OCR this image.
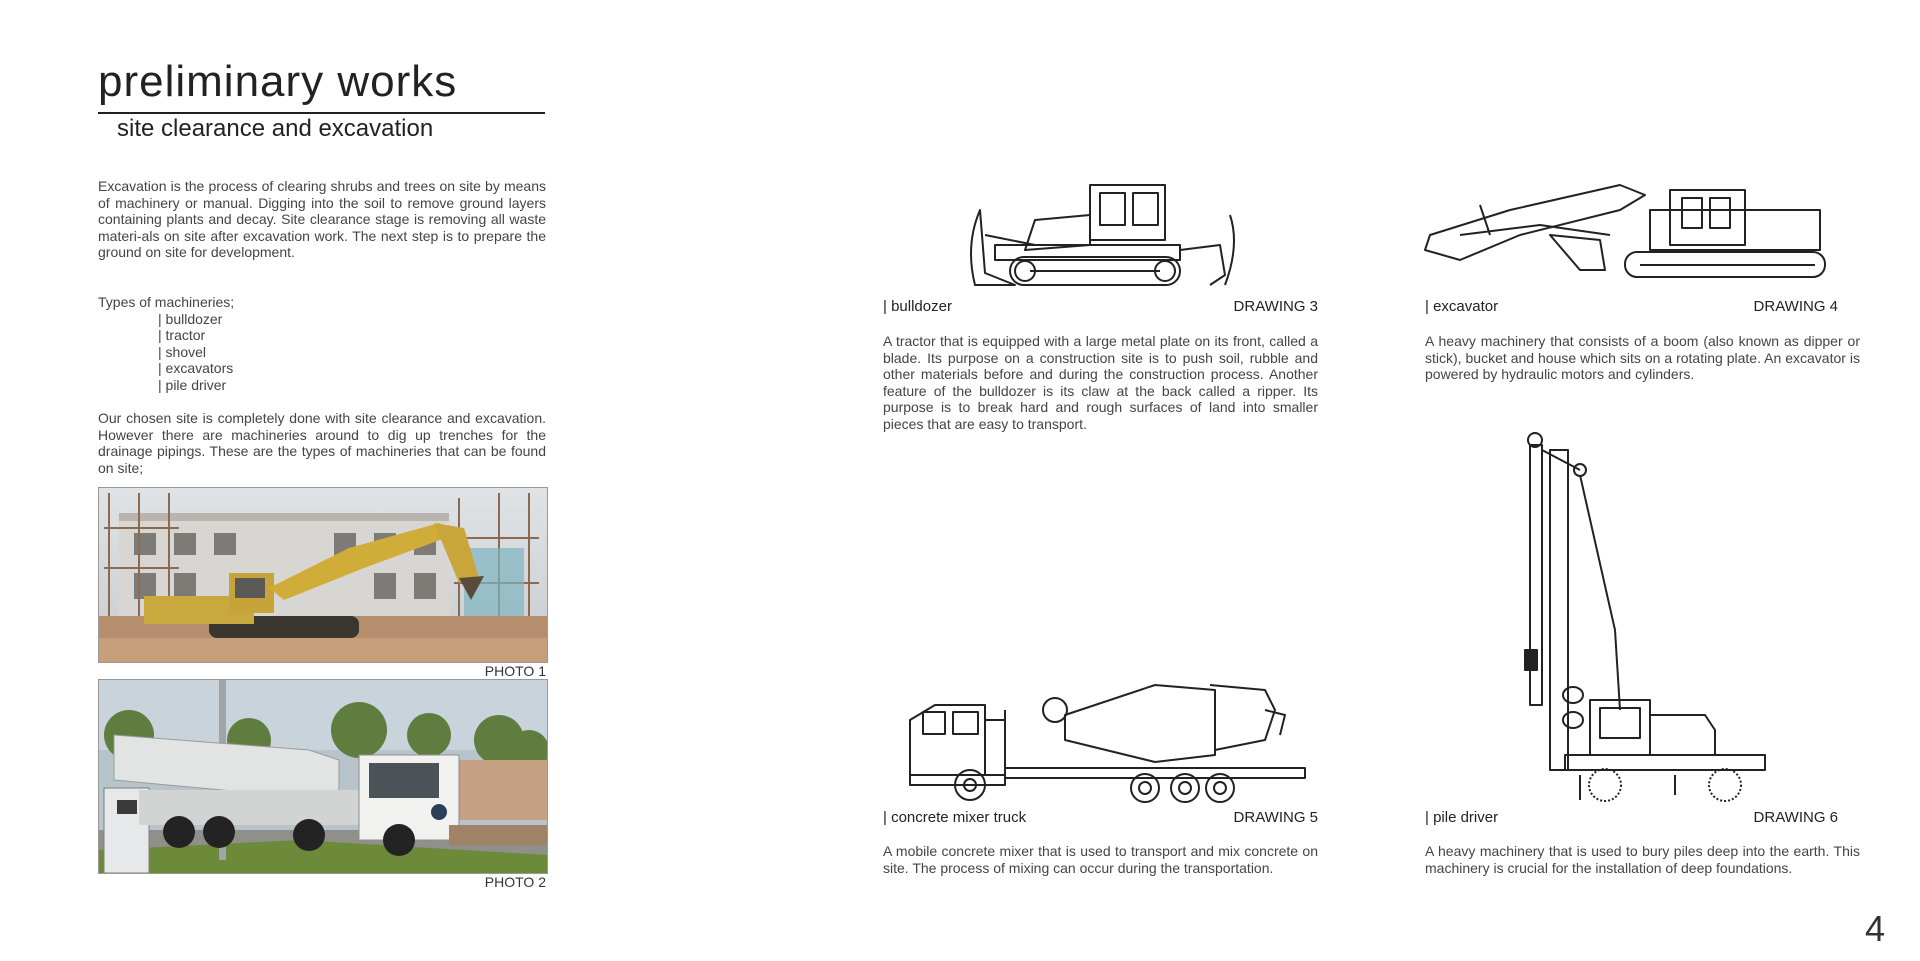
preliminary works
site clearance and excavation
Excavation is the process of clearing shrubs and trees on site by means of machinery or manual. Digging into the soil to remove ground layers containing plants and decay. Site clearance stage is removing all waste materi-als on site after excavation work. The next step is to prepare the ground on site for development.
Types of machineries;
| bulldozer
| tractor
| shovel
| excavators
| pile driver
Our chosen site is completely done with site clearance and excavation. However there are machineries around to dig up trenches for the drainage pipings. These are the types of machineries that can be found on site;
PHOTO 1
PHOTO 2
| bulldozer	DRAWING 3
A tractor that is equipped with a large metal plate on its front, called a blade. Its purpose on a construction site is to push soil, rubble and other materials before and during the construction process. Another feature of the bulldozer is its claw at the back called a ripper. Its purpose is to break hard and rough surfaces of land into smaller pieces that are easy to transport.
| excavator	DRAWING 4
A heavy machinery that consists of a boom (also known as dipper or stick), bucket and house which sits on a rotating plate. An excavator is powered by hydraulic motors and cylinders.
| concrete mixer truck	DRAWING 5
A mobile concrete mixer that is used to transport and mix concrete on site. The process of mixing can occur during the transportation.
| pile driver	DRAWING 6
A heavy machinery that is used to bury piles deep into the earth. This machinery is crucial for the installation of deep foundations.
4
